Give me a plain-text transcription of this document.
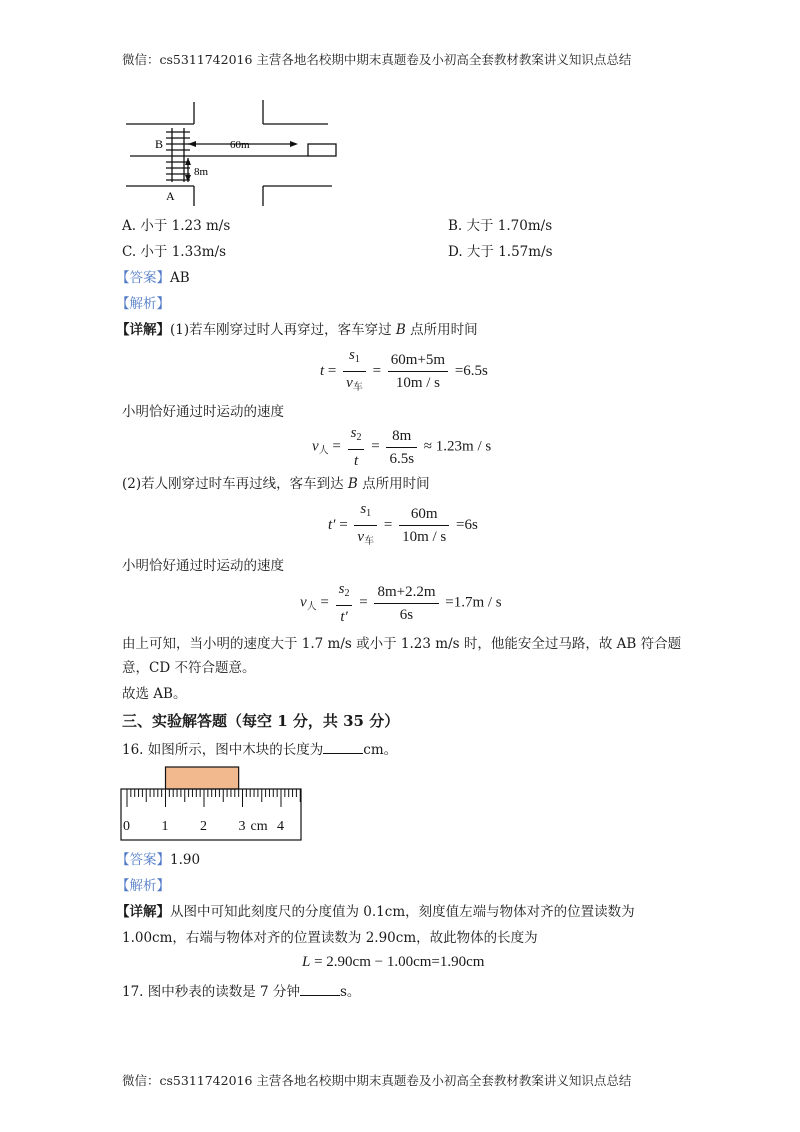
微信：cs5311742016 主营各地名校期中期末真题卷及小初高全套教材教案讲义知识点总结
B
A
60m
8m
A. 小于 1.23 m/s	B. 大于 1.70m/s
C. 小于 1.33m/s	D. 大于 1.57m/s
【答案】AB
【解析】
【详解】(1)若车刚穿过时人再穿过，客车穿过 B 点所用时间
$t = \frac{s_1}{v_车} = \frac{60m+5m}{10m / s} =6.5s$
小明恰好通过时运动的速度
$v_人 = \frac{s_2}{t} = \frac{8m}{6.5s} \approx 1.23m / s$
(2)若人刚穿过时车再过线，客车到达 B 点所用时间
$t' = \frac{s_1}{v_车} = \frac{60m}{10m / s} =6s$
小明恰好通过时运动的速度
$v_人 = \frac{s_2}{t'} = \frac{8m+2.2m}{6s} =1.7m / s$
由上可知，当小明的速度大于 1.7 m/s 或小于 1.23 m/s 时，他能安全过马路，故 AB 符合题
意，CD 不符合题意。
故选 AB。
三、实验解答题（每空 1 分，共 35 分）
16. 如图所示，图中木块的长度为	cm。
0 1 2 3 4
cm
【答案】1.90
【解析】
【详解】从图中可知此刻度尺的分度值为 0.1cm，刻度值左端与物体对齐的位置读数为
1.00cm，右端与物体对齐的位置读数为 2.90cm，故此物体的长度为
L = 2.90cm − 1.00cm=1.90cm
17. 图中秒表的读数是 7 分钟	s。
微信：cs5311742016 主营各地名校期中期末真题卷及小初高全套教材教案讲义知识点总结
